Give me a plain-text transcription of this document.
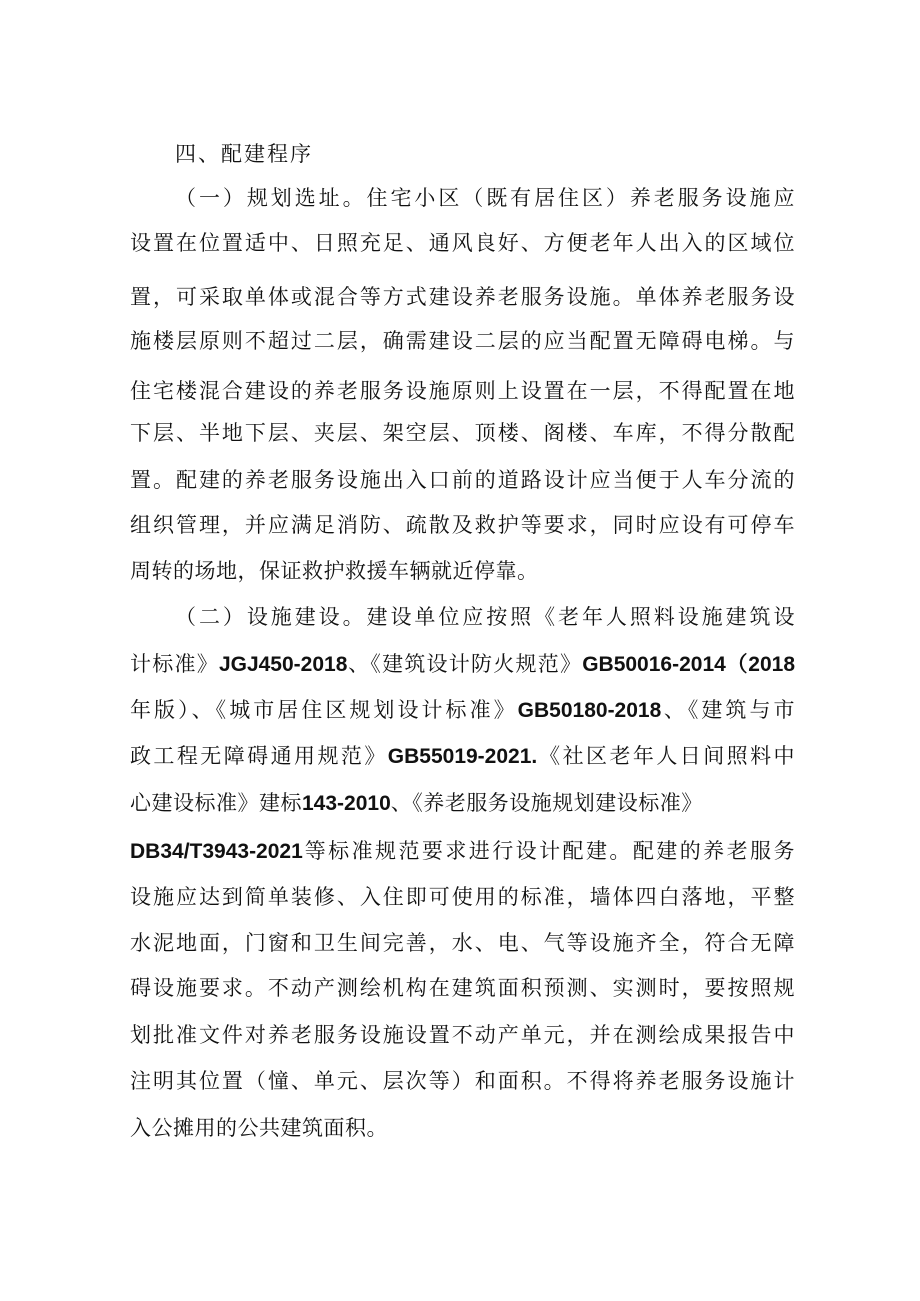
四、配建程序
（一）规划选址。住宅小区（既有居住区）养老服务设施应
设置在位置适中、日照充足、通风良好、方便老年人出入的区域位
置，可采取单体或混合等方式建设养老服务设施。单体养老服务设
施楼层原则不超过二层，确需建设二层的应当配置无障碍电梯。与
住宅楼混合建设的养老服务设施原则上设置在一层，不得配置在地
下层、半地下层、夹层、架空层、顶楼、阁楼、车库，不得分散配
置。配建的养老服务设施出入口前的道路设计应当便于人车分流的
组织管理，并应满足消防、疏散及救护等要求，同时应设有可停车
周转的场地，保证救护救援车辆就近停靠。
（二）设施建设。建设单位应按照《老年人照料设施建筑设
计标准》JGJ450-2018、《建筑设计防火规范》GB50016-2014（2018
年版）、《城市居住区规划设计标准》GB50180-2018、《建筑与市
政工程无障碍通用规范》GB55019-2021.《社区老年人日间照料中
心建设标准》建标143-2010、《养老服务设施规划建设标准》
DB34/T3943-2021等标准规范要求进行设计配建。配建的养老服务
设施应达到简单装修、入住即可使用的标准，墙体四白落地，平整
水泥地面，门窗和卫生间完善，水、电、气等设施齐全，符合无障
碍设施要求。不动产测绘机构在建筑面积预测、实测时，要按照规
划批准文件对养老服务设施设置不动产单元，并在测绘成果报告中
注明其位置（憧、单元、层次等）和面积。不得将养老服务设施计
入公摊用的公共建筑面积。
